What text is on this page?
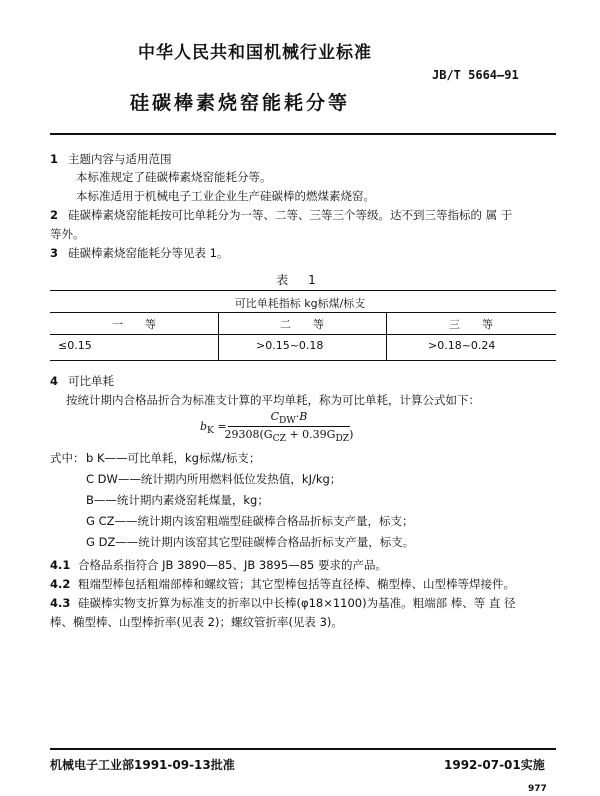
中华人民共和国机械行业标准
JB/T 5664—91
硅碳棒素烧窑能耗分等
1 主题内容与适用范围
本标准规定了硅碳棒素烧窑能耗分等。
本标准适用于机械电子工业企业生产硅碳棒的燃煤素烧窑。
2 硅碳棒素烧窑能耗按可比单耗分为一等、二等、三等三个等级。达不到三等指标的 属 于
等外。
3 硅碳棒素烧窑能耗分等见表 1。
表 1
可比单耗指标 kg标煤/标支
一　　等	二　　等	三　　等
≤0.15	>0.15~0.18	>0.18~0.24
4 可比单耗
按统计期内合格品折合为标准支计算的平均单耗，称为可比单耗，计算公式如下：
$b_K$ =
$C_{DW}\cdot B$
$29308(G_{CZ} + 0.39G_{DZ})$
式中： b K——可比单耗，kg标煤/标支；
C DW——统计期内所用燃料低位发热值，kJ/kg；
B——统计期内素烧窑耗煤量，kg；
G CZ——统计期内该窑粗端型硅碳棒合格品折标支产量，标支；
G DZ——统计期内该窑其它型硅碳棒合格品折标支产量，标支。
4.1 合格品系指符合 JB 3890—85、JB 3895—85 要求的产品。
4.2 粗端型棒包括粗端部棒和螺纹管；其它型棒包括等直径棒、椭型棒、山型棒等焊接件。
4.3 硅碳棒实物支折算为标准支的折率以中长棒(φ18×1100)为基准。粗端部 棒、等 直 径
棒、椭型棒、山型棒折率(见表 2)；螺纹管折率(见表 3)。
机械电子工业部1991-09-13批准	1992-07-01实施
977
